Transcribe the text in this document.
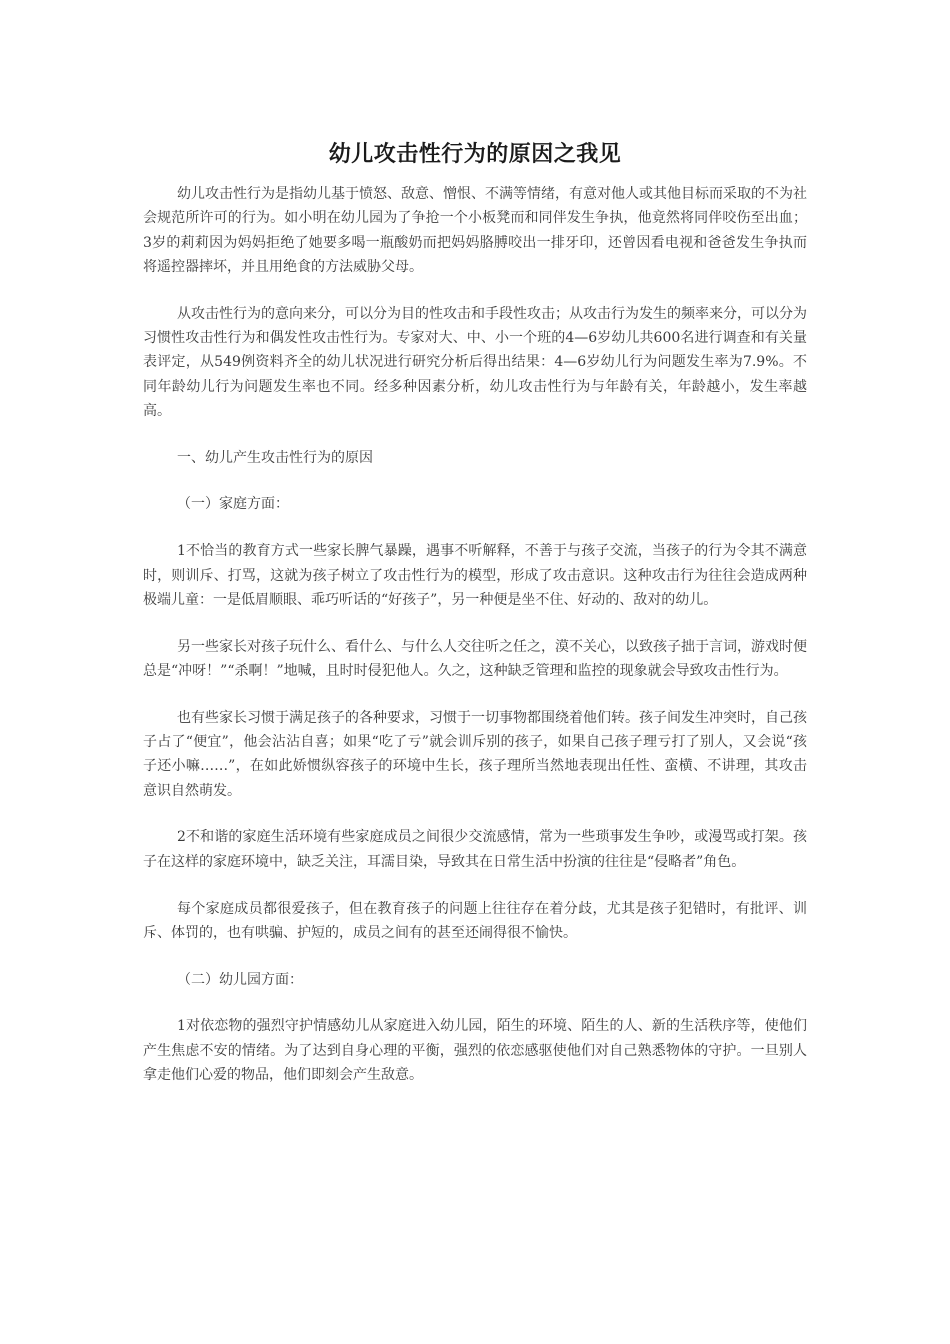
幼儿攻击性行为的原因之我见

幼儿攻击性行为是指幼儿基于愤怒、敌意、憎恨、不满等情绪，有意对他人或其他目标而采取的不为社会规范所许可的行为。如小明在幼儿园为了争抢一个小板凳而和同伴发生争执，他竟然将同伴咬伤至出血；3岁的莉莉因为妈妈拒绝了她要多喝一瓶酸奶而把妈妈胳膊咬出一排牙印，还曾因看电视和爸爸发生争执而将遥控器摔坏，并且用绝食的方法威胁父母。

从攻击性行为的意向来分，可以分为目的性攻击和手段性攻击；从攻击行为发生的频率来分，可以分为习惯性攻击性行为和偶发性攻击性行为。专家对大、中、小一个班的4—6岁幼儿共600名进行调查和有关量表评定，从549例资料齐全的幼儿状况进行研究分析后得出结果：4—6岁幼儿行为问题发生率为7.9%。不同年龄幼儿行为问题发生率也不同。经多种因素分析，幼儿攻击性行为与年龄有关，年龄越小，发生率越高。

一、幼儿产生攻击性行为的原因

（一）家庭方面：

1不恰当的教育方式一些家长脾气暴躁，遇事不听解释，不善于与孩子交流，当孩子的行为令其不满意时，则训斥、打骂，这就为孩子树立了攻击性行为的模型，形成了攻击意识。这种攻击行为往往会造成两种极端儿童：一是低眉顺眼、乖巧听话的“好孩子”，另一种便是坐不住、好动的、敌对的幼儿。

另一些家长对孩子玩什么、看什么、与什么人交往听之任之，漠不关心，以致孩子拙于言词，游戏时便总是“冲呀！”“杀啊！”地喊，且时时侵犯他人。久之，这种缺乏管理和监控的现象就会导致攻击性行为。

也有些家长习惯于满足孩子的各种要求，习惯于一切事物都围绕着他们转。孩子间发生冲突时，自己孩子占了“便宜”，他会沾沾自喜；如果“吃了亏”就会训斥别的孩子，如果自己孩子理亏打了别人，又会说“孩子还小嘛……”，在如此娇惯纵容孩子的环境中生长，孩子理所当然地表现出任性、蛮横、不讲理，其攻击意识自然萌发。

2不和谐的家庭生活环境有些家庭成员之间很少交流感情，常为一些琐事发生争吵，或漫骂或打架。孩子在这样的家庭环境中，缺乏关注，耳濡目染，导致其在日常生活中扮演的往往是“侵略者”角色。

每个家庭成员都很爱孩子，但在教育孩子的问题上往往存在着分歧，尤其是孩子犯错时，有批评、训斥、体罚的，也有哄骗、护短的，成员之间有的甚至还闹得很不愉快。

（二）幼儿园方面：

1对依恋物的强烈守护情感幼儿从家庭进入幼儿园，陌生的环境、陌生的人、新的生活秩序等，使他们产生焦虑不安的情绪。为了达到自身心理的平衡，强烈的依恋感驱使他们对自己熟悉物体的守护。一旦别人拿走他们心爱的物品，他们即刻会产生敌意。
